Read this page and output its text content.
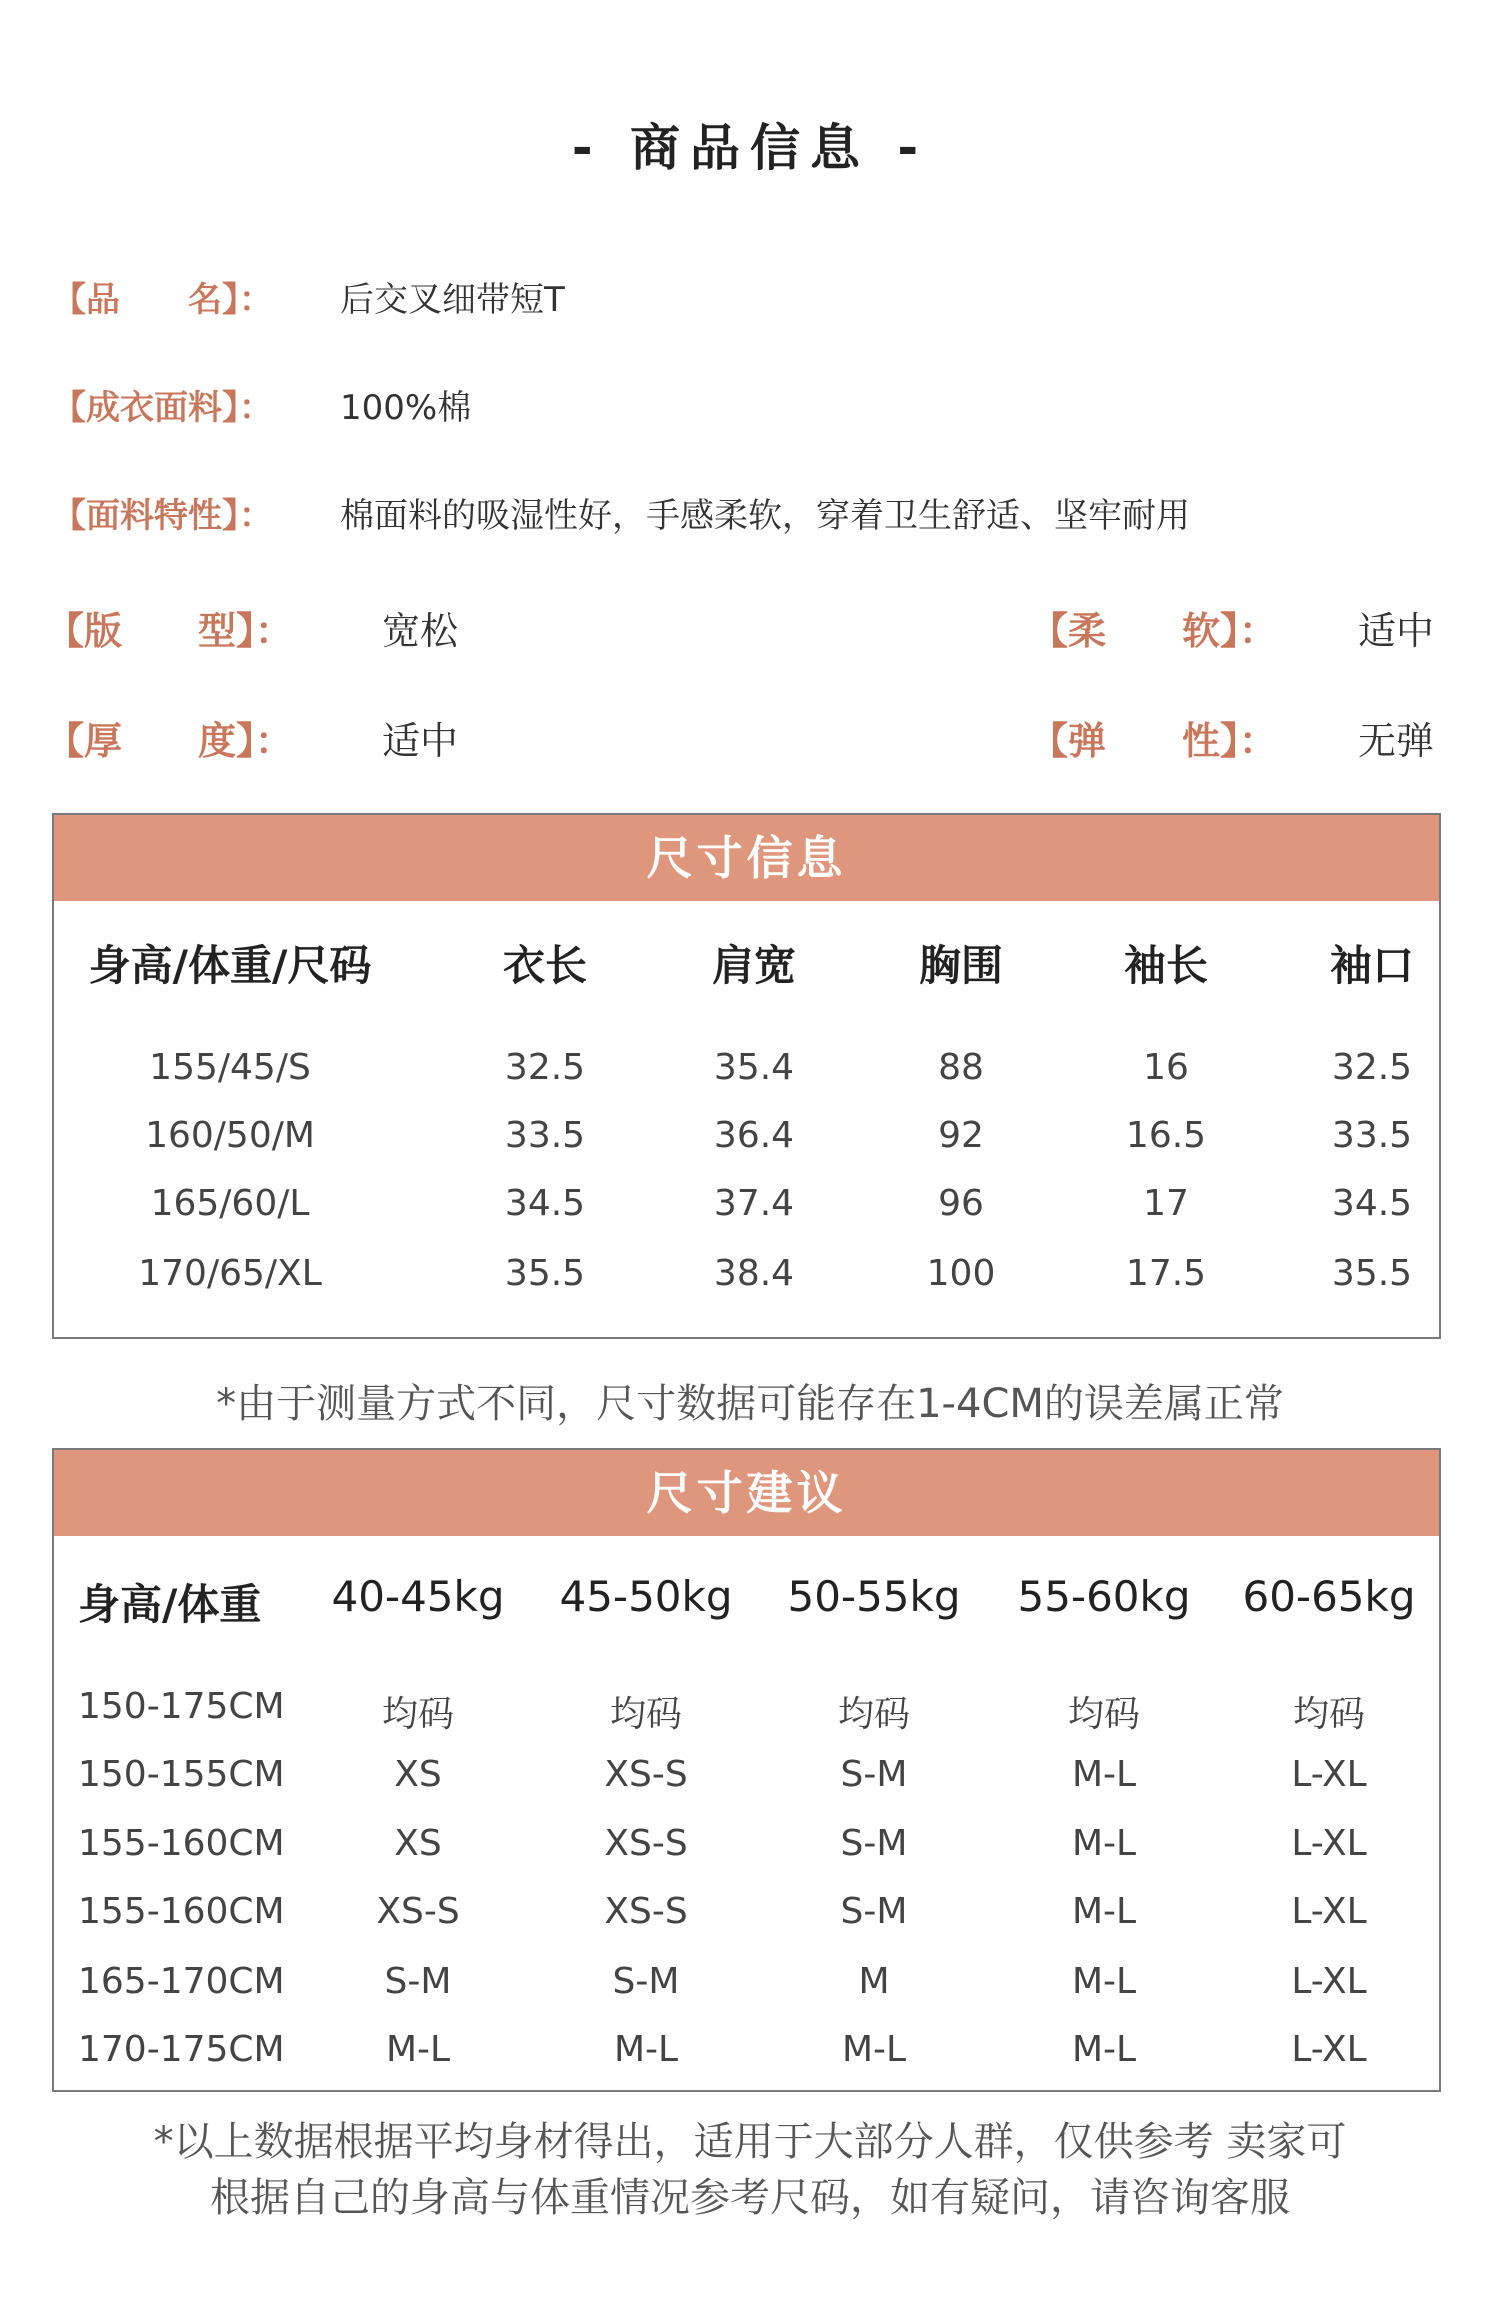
- 商品信息 -
【品　　名】： 后交叉细带短T
【成衣面料】： 100%棉
【面料特性】： 棉面料的吸湿性好，手感柔软，穿着卫生舒适、坚牢耐用
【版　　型】： 宽松	【柔　　软】： 适中
【厚　　度】： 适中	【弹　　性】： 无弹
尺寸信息
身高/体重/尺码	衣长	肩宽	胸围	袖长	袖口
155/45/S	32.5	35.4	88	16	32.5
160/50/M	33.5	36.4	92	16.5	33.5
165/60/L	34.5	37.4	96	17	34.5
170/65/XL	35.5	38.4	100	17.5	35.5
*由于测量方式不同，尺寸数据可能存在1-4CM的误差属正常
尺寸建议
身高/体重	40-45kg	45-50kg	50-55kg	55-60kg	60-65kg
150-175CM	均码	均码	均码	均码	均码
150-155CM	XS	XS-S	S-M	M-L	L-XL
155-160CM	XS	XS-S	S-M	M-L	L-XL
155-160CM	XS-S	XS-S	S-M	M-L	L-XL
165-170CM	S-M	S-M	M	M-L	L-XL
170-175CM	M-L	M-L	M-L	M-L	L-XL
*以上数据根据平均身材得出，适用于大部分人群，仅供参考 卖家可
根据自己的身高与体重情况参考尺码，如有疑问，请咨询客服
